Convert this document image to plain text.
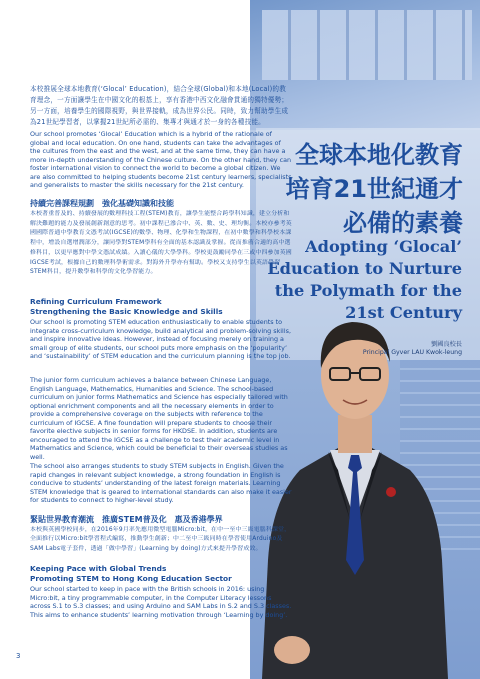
全球本地化教育
培育21世紀通才
必備的素養
Adopting ‘Glocal’
Education to Nurture
the Polymath for the
21st Century
劉國良校長
Principal Gyver LAU Kwok-leung
本校推展全球本地教育(‘Glocal’ Education)，結合全球(Global)和本地(Local)的教育理念，一方面讓學生在中國文化的根基上，享有香港中西文化融會貫通的獨特優勢；另一方面，培養學生的國際視野，與世界接軌，成為世界公民。同時，致力幫助學生成為21世紀學習者，以掌握21世紀所必需的、集專才與通才於一身的各種技能。
Our school promotes ‘Glocal’ Education which is a hybrid of the rationale of global and local education. On one hand, students can take the advantages of the cultures from the east and the west, and at the same time, they can have a more in-depth understanding of the Chinese culture. On the other hand, they can foster international vision to connect the world to become a global citizen. We are also committed to helping students become 21st century learners, specialists and generalists to master the skills necessary for the 21st century.
持續完善課程規劃　強化基礎知識和技能
本校著重普及的、持續發展的數理科技工程(STEM)教育，讓學生能整合跨學科知識，建立分析和解決難題的能力及發展創新創意的思考。初中課程已滲合中、英、數、史、理均衡。本校亦參考英國國際普通中學教育文憑考試(IGCSE)的數學、物理、化學和生物課程，在初中數學和科學校本課程中，增設自選增潤部分，讓同學對STEM學科有全面的基本認識及掌握。從而推薦合適的高中選修科目，以更早應對中學文憑試成績。入讀心儀的大學學科。學校更鼓勵同學在三或中四參加英國IGCSE考試，根據自己的數理科學術需求。對海外升學亦有幫助。學校又支持學生以英語學習STEM科目，提升數學和科學的文化學習能力。
Refining Curriculum Framework
Strengthening the Basic Knowledge and Skills
Our school is promoting STEM education enthusiastically to enable students to integrate cross-curriculum knowledge, build analytical and problem-solving skills, and inspire innovative ideas. However, instead of focusing merely on training a small group of elite students, our school puts more emphasis on the ‘popularity’ and ‘sustainability’ of STEM education and the curriculum planning is the top job.
The junior form curriculum achieves a balance between Chinese Language, English Language, Mathematics, Humanities and Science. The school-based curriculum on junior forms Mathematics and Science has especially tailored with optional enrichment components and all the necessary elements in order to provide a comprehensive coverage on the subjects with reference to the curriculum of IGCSE. A fine foundation will prepare students to choose their favorite elective subjects in senior forms for HKDSE. In addition, students are encouraged to attend the IGCSE as a challenge to test their academic level in Mathematics and Science, which could be beneficial to their overseas studies as well.
The school also arranges students to study STEM subjects in English. Given the rapid changes in relevant subject knowledge, a strong foundation in English is conducive to students’ understanding of the latest foreign materials. Learning STEM knowledge that is geared to international standards can also make it easier for students to connect to higher-level study.
緊貼世界教育潮流　推廣STEM普及化　惠及香港學界
本校與英國學校同步，在2016年9月率先應用微型電腦Micro:bit，在中一至中三級電腦科課堂，全面推行以Micro:bit學習程式編寫，推動學生創新；中二至中三級同時在學習使用Arduino及SAM Labs電子套件，透過「做中學習」(Learning by doing)方式來提升學習成效。
Keeping Pace with Global Trends
Promoting STEM to Hong Kong Education Sector
Our school started to keep in pace with the British schools in 2016: using Micro:bit, a tiny programmable computer, in the Computer Literacy lessons across S.1 to S.3 classes; and using Arduino and SAM Labs in S.2 and S.3 classes. This aims to enhance students’ learning motivation through ‘Learning by doing’.
3
